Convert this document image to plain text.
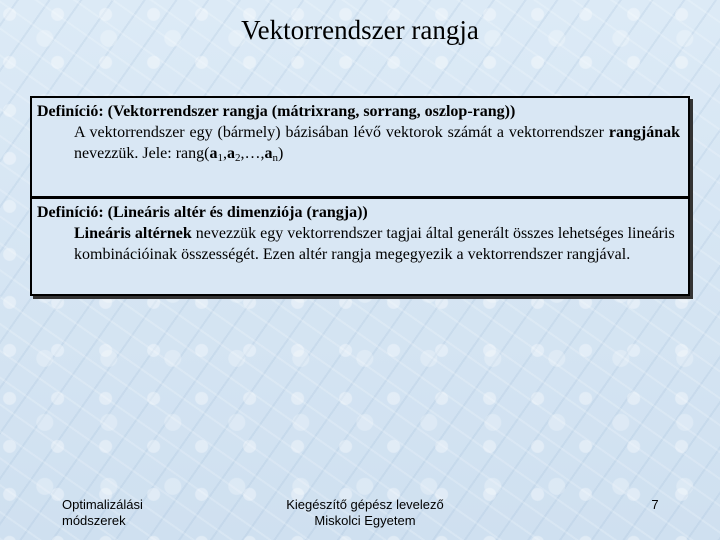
Vektorrendszer rangja
Definíció: (Vektorrendszer rangja (mátrixrang, sorrang, oszlop-rang))
A vektorrendszer egy (bármely) bázisában lévő vektorok számát a vektorrendszer rangjának nevezzük. Jele: $rang(a_1,a_2,\dots,a_n)$
Definíció: (Lineáris altér és dimenziója (rangja))
Lineáris altérnek nevezzük egy vektorrendszer tagjai által generált összes lehetséges lineáris kombinációinak összességét. Ezen altér rangja megegyezik a vektorrendszer rangjával.
Optimalizálási
módszerek
Kiegészítő gépész levelező
Miskolci Egyetem
7
